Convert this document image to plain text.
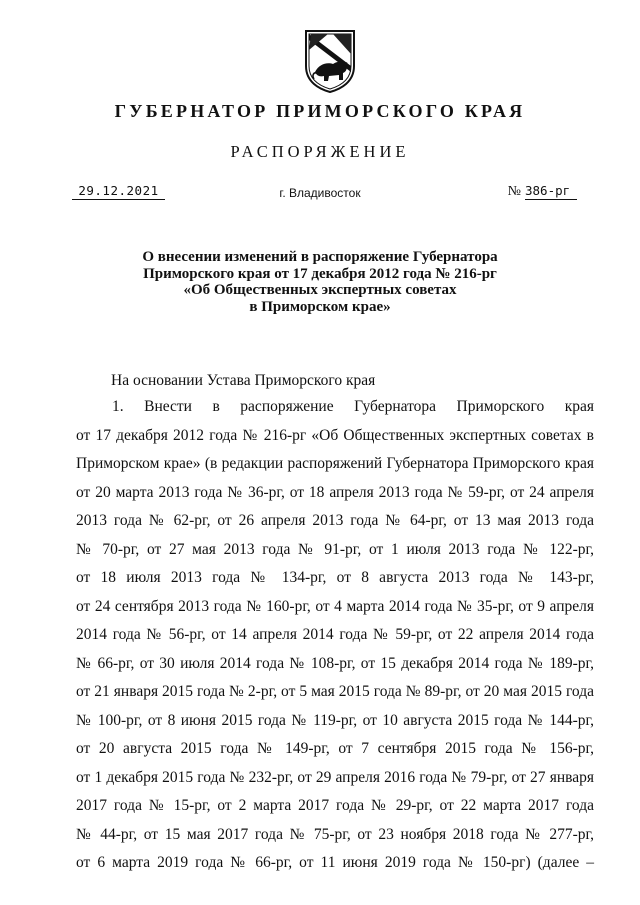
ГУБЕРНАТОР ПРИМОРСКОГО КРАЯ
РАСПОРЯЖЕНИЕ
29.12.2021	г. Владивосток	№ 386-рг
О внесении изменений в распоряжение Губернатора
Приморского края от 17 декабря 2012 года № 216-рг
«Об Общественных экспертных советах
в Приморском крае»
На основании Устава Приморского края
1. Внести в распоряжение Губернатора Приморского края
от 17 декабря 2012 года № 216-рг «Об Общественных экспертных советах в
Приморском крае» (в редакции распоряжений Губернатора Приморского края
от 20 марта 2013 года № 36-рг, от 18 апреля 2013 года № 59-рг, от 24 апреля
2013 года № 62-рг, от 26 апреля 2013 года № 64-рг, от 13 мая 2013 года
№ 70-рг, от 27 мая 2013 года № 91-рг, от 1 июля 2013 года № 122-рг,
от 18 июля 2013 года № 134-рг, от 8 августа 2013 года № 143-рг,
от 24 сентября 2013 года № 160-рг, от 4 марта 2014 года № 35-рг, от 9 апреля
2014 года № 56-рг, от 14 апреля 2014 года № 59-рг, от 22 апреля 2014 года
№ 66-рг, от 30 июля 2014 года № 108-рг, от 15 декабря 2014 года № 189-рг,
от 21 января 2015 года № 2-рг, от 5 мая 2015 года № 89-рг, от 20 мая 2015 года
№ 100-рг, от 8 июня 2015 года № 119-рг, от 10 августа 2015 года № 144-рг,
от 20 августа 2015 года № 149-рг, от 7 сентября 2015 года № 156-рг,
от 1 декабря 2015 года № 232-рг, от 29 апреля 2016 года № 79-рг, от 27 января
2017 года № 15-рг, от 2 марта 2017 года № 29-рг, от 22 марта 2017 года
№ 44-рг, от 15 мая 2017 года № 75-рг, от 23 ноября 2018 года № 277-рг,
от 6 марта 2019 года № 66-рг, от 11 июня 2019 года № 150-рг) (далее –
